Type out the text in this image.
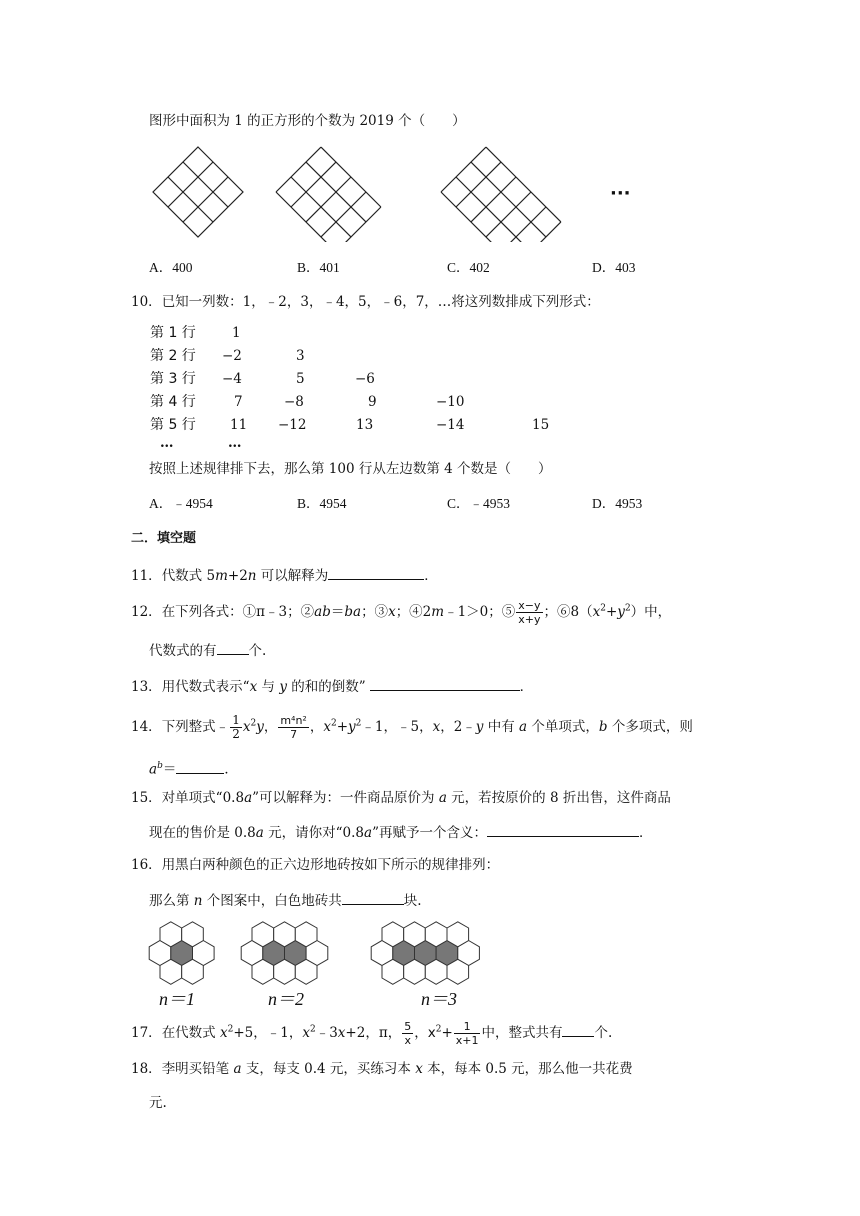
图形中面积为 1 的正方形的个数为 2019 个（　　）
···
A．400	B．401	C．402	D．403
10．已知一列数：1，﹣2，3，﹣4，5，﹣6，7，…将这列数排成下列形式：
第 1 行	1
第 2 行 −2	3
第 3 行 −4	5	−6
第 4 行	7	−8	9	−10
第 5 行	11 −12	13	−14	15
…	…
按照上述规律排下去，那么第 100 行从左边数第 4 个数是（　　）
A．﹣4954	B．4954	C．﹣4953	D．4953
二．填空题
11．代数式 5m+2n 可以解释为	．
12．在下列各式：①π﹣3；②ab＝ba；③x；④2m﹣1＞0；⑤ $\frac{x-y}{x+y}$ ；$⑥8(x^2+y^2)$中，
代数式的有 个.
13．用代数式表示“x 与 y 的和的倒数”	．
14．下列整式﹣ $\frac{1}{2} x^2y$， $\frac{\text{m⁴n²}}{7}$ ，$x^2+y^2﹣1$，﹣5，x，2﹣y 中有 a 个单项式，b 个多项式，则
$a^b=$	．
15．对单项式“0.8a”可以解释为：一件商品原价为 a 元，若按原价的 8 折出售，这件商品
现在的售价是 0.8a 元，请你对“0.8a”再赋予一个含义：	．
16．用黑白两种颜色的正六边形地砖按如下所示的规律排列：
那么第 n 个图案中，白色地砖共	块.
n＝1	n＝2	n＝3
17．在代数式 $x^2+5$，﹣1，$x^2﹣3x+2$，π， $\frac{5}{x}$ ，$x^2+ \frac{1}{x+1}$ 中，整式共有 个.
18．李明买铅笔 a 支，每支 0.4 元，买练习本 x 本，每本 0.5 元，那么他一共花费
元.
